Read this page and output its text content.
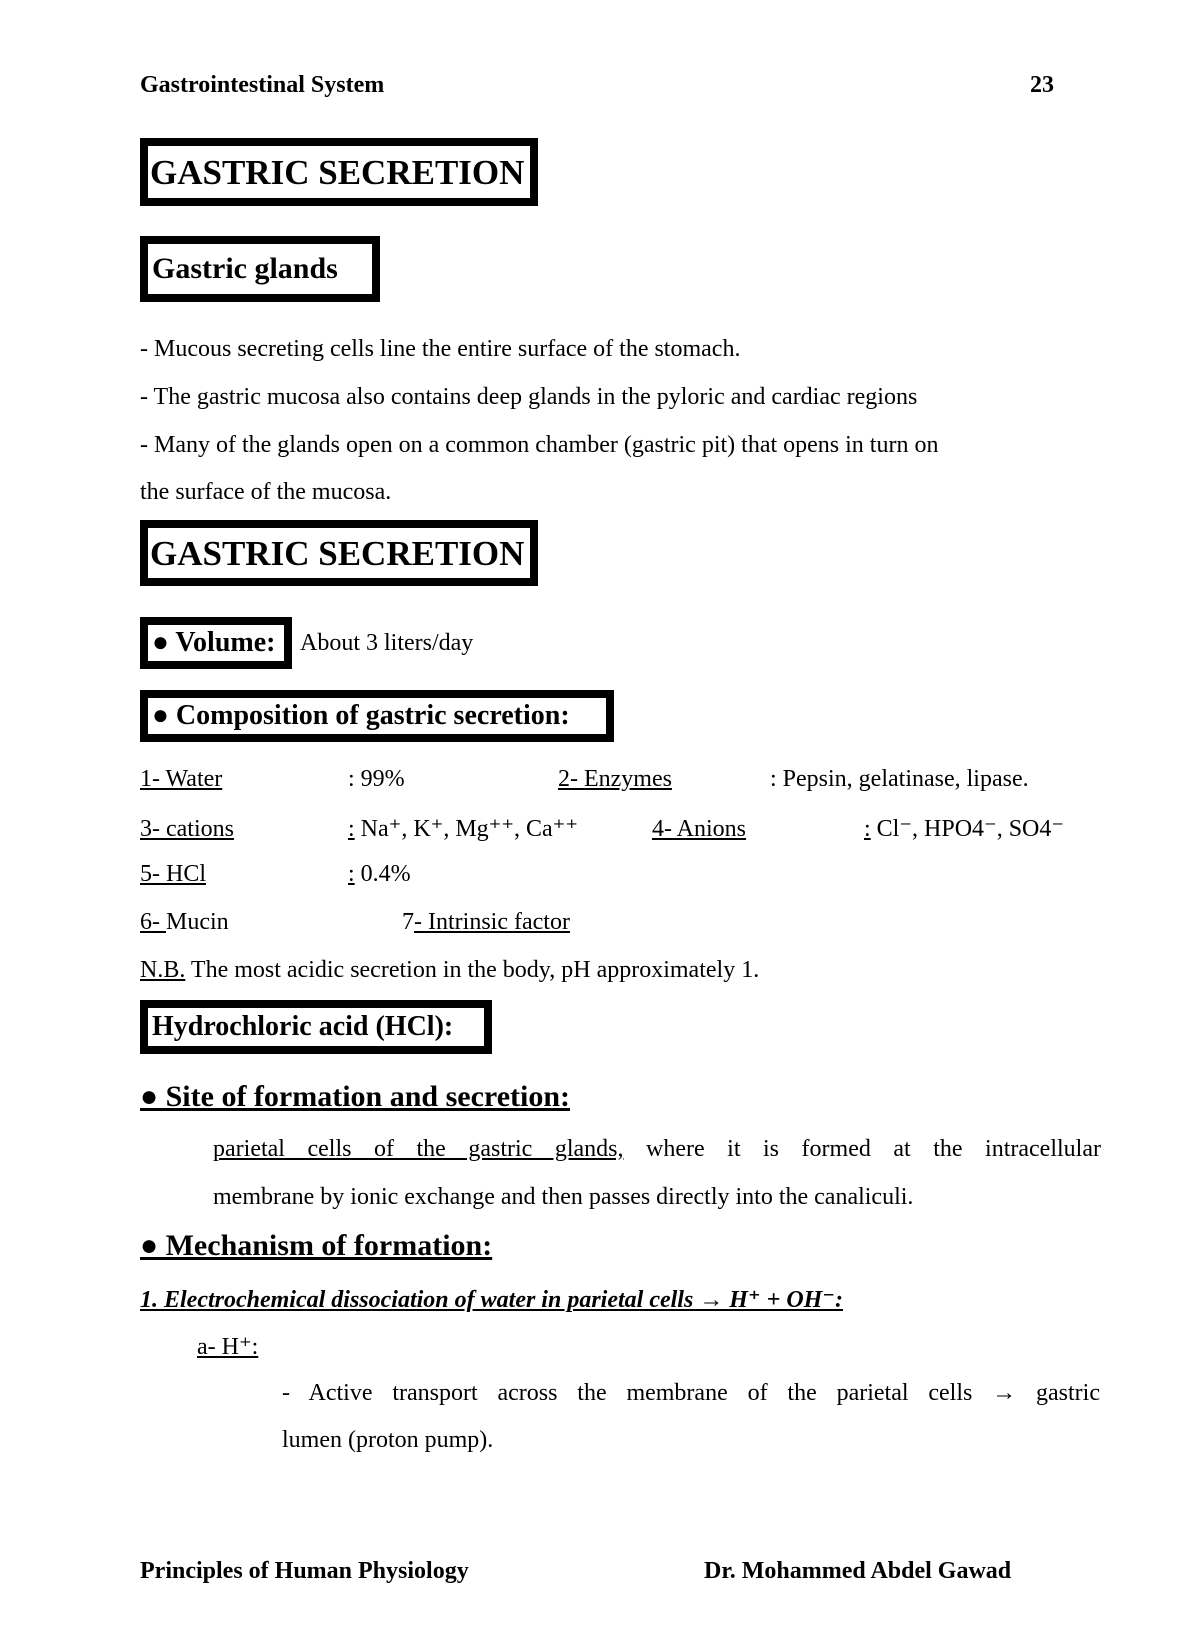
Gastrointestinal System	23
GASTRIC SECRETION
Gastric glands
- Mucous secreting cells line the entire surface of the stomach.
- The gastric mucosa also contains deep glands in the pyloric and cardiac regions
- Many of the glands open on a common chamber (gastric pit) that opens in turn on
the surface of the mucosa.
GASTRIC SECRETION
● Volume:	About 3 liters/day
● Composition of gastric secretion:
1- Water	: 99%	2- Enzymes	: Pepsin, gelatinase, lipase.
3- cations	: Na⁺, K⁺, Mg⁺⁺, Ca⁺⁺	4- Anions	: Cl⁻, HPO4⁻, SO4⁻
5- HCl	: 0.4%
6- Mucin	7- Intrinsic factor
N.B. The most acidic secretion in the body, pH approximately 1.
Hydrochloric acid (HCl):
● Site of formation and secretion:
parietal cells of the gastric glands, where it is formed at the intracellular
membrane by ionic exchange and then passes directly into the canaliculi.
● Mechanism of formation:
1. Electrochemical dissociation of water in parietal cells → H⁺ + OH⁻:
a- H⁺:
- Active transport across the membrane of the parietal cells → gastric
lumen (proton pump).
Principles of Human Physiology	Dr. Mohammed Abdel Gawad
